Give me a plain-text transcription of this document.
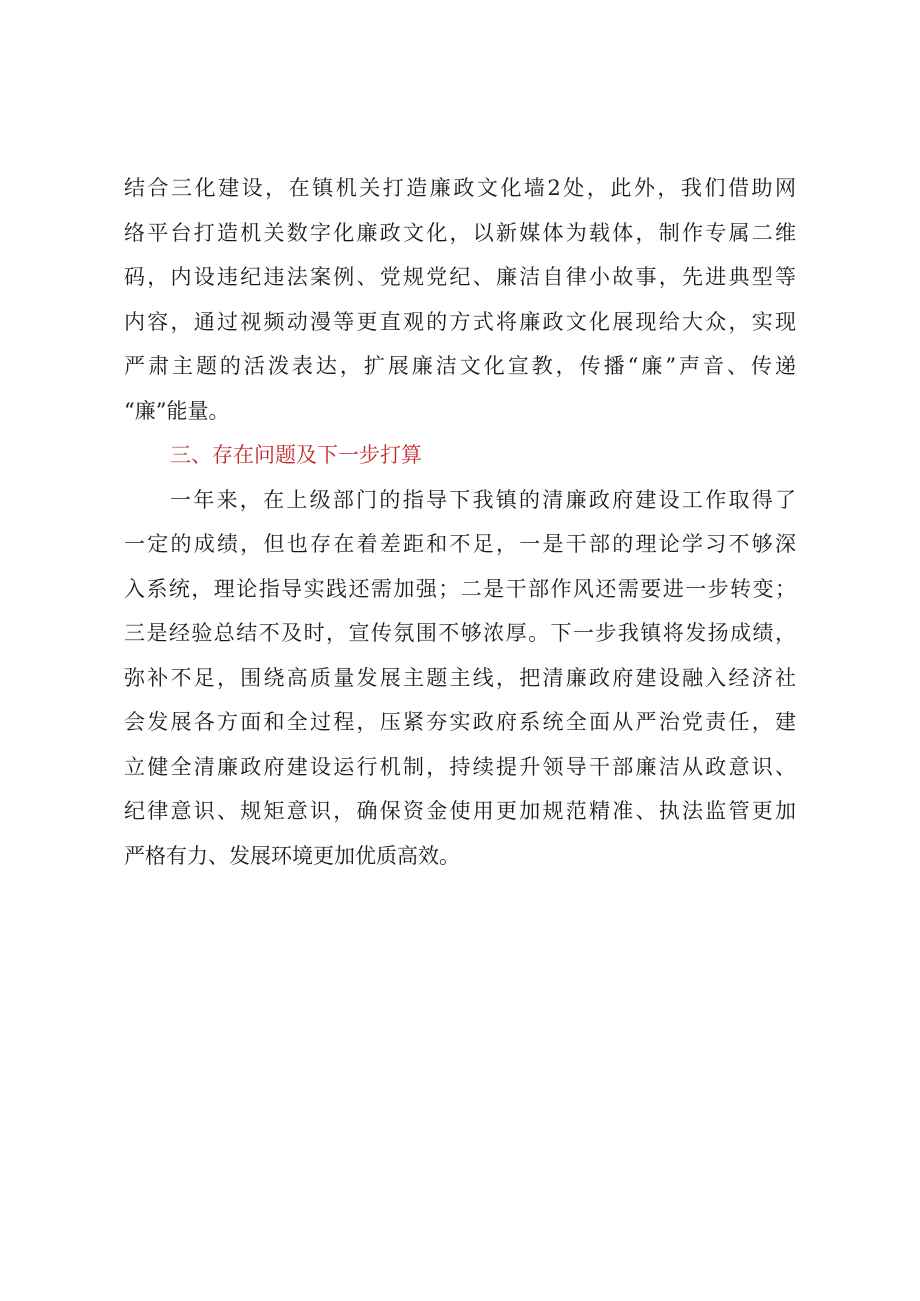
结合三化建设，在镇机关打造廉政文化墙2处，此外，我们借助网
络平台打造机关数字化廉政文化，以新媒体为载体，制作专属二维
码，内设违纪违法案例、党规党纪、廉洁自律小故事，先进典型等
内容，通过视频动漫等更直观的方式将廉政文化展现给大众，实现
严肃主题的活泼表达，扩展廉洁文化宣教，传播“廉”声音、传递
“廉”能量。
三、存在问题及下一步打算
一年来，在上级部门的指导下我镇的清廉政府建设工作取得了
一定的成绩，但也存在着差距和不足，一是干部的理论学习不够深
入系统，理论指导实践还需加强；二是干部作风还需要进一步转变；
三是经验总结不及时，宣传氛围不够浓厚。下一步我镇将发扬成绩，
弥补不足，围绕高质量发展主题主线，把清廉政府建设融入经济社
会发展各方面和全过程，压紧夯实政府系统全面从严治党责任，建
立健全清廉政府建设运行机制，持续提升领导干部廉洁从政意识、
纪律意识、规矩意识，确保资金使用更加规范精准、执法监管更加
严格有力、发展环境更加优质高效。
